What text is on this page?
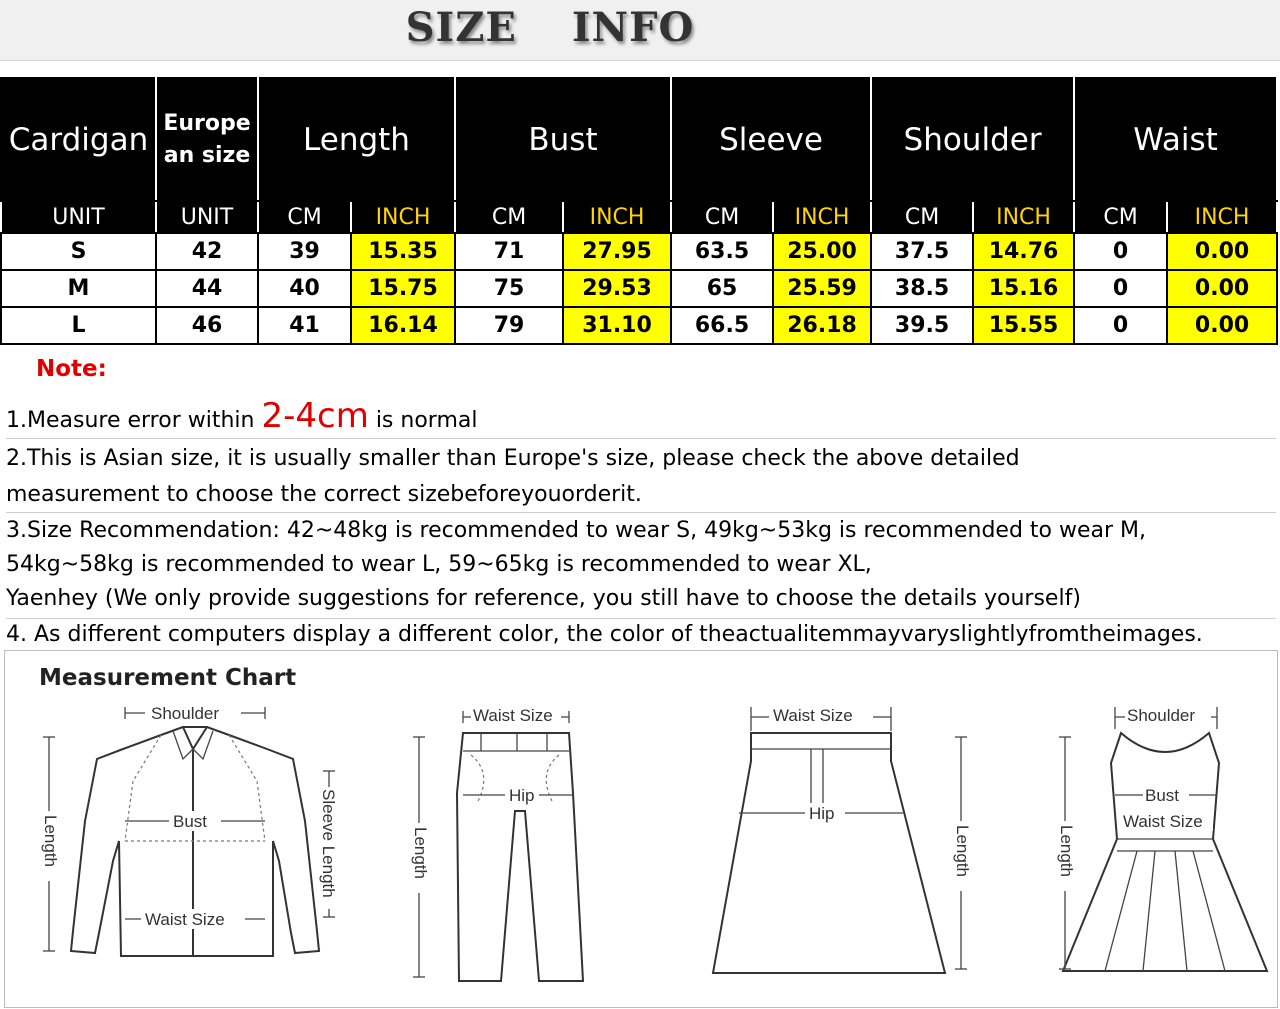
SIZE INFO
Cardigan	Europe an size	Length		Bust		Sleeve		Shoulder		Waist	
UNIT	UNIT	CM	INCH	CM	INCH	CM	INCH	CM	INCH	CM	INCH
S	42	39	15.35	71	27.95	63.5	25.00	37.5	14.76	0	0.00
M	44	40	15.75	75	29.53	65	25.59	38.5	15.16	0	0.00
L	46	41	16.14	79	31.10	66.5	26.18	39.5	15.55	0	0.00
Note:
1.Measure error within 2-4cm is normal
2.This is Asian size, it is usually smaller than Europe's size, please check the above detailed
measurement to choose the correct sizebeforeyouorderit.
3.Size Recommendation: 42~48kg is recommended to wear S, 49kg~53kg is recommended to wear M,
54kg~58kg is recommended to wear L, 59~65kg is recommended to wear XL,
Yaenhey (We only provide suggestions for reference, you still have to choose the details yourself)
4. As different computers display a different color, the color of theactualitemmayvaryslightlyfromtheimages.
Measurement Chart
Shoulder
Bust
Waist Size
Length	Sleeve Length
Waist Size
Hip
Length
Waist Size
Hip
Length
Shoulder
Bust
Waist Size
Length
